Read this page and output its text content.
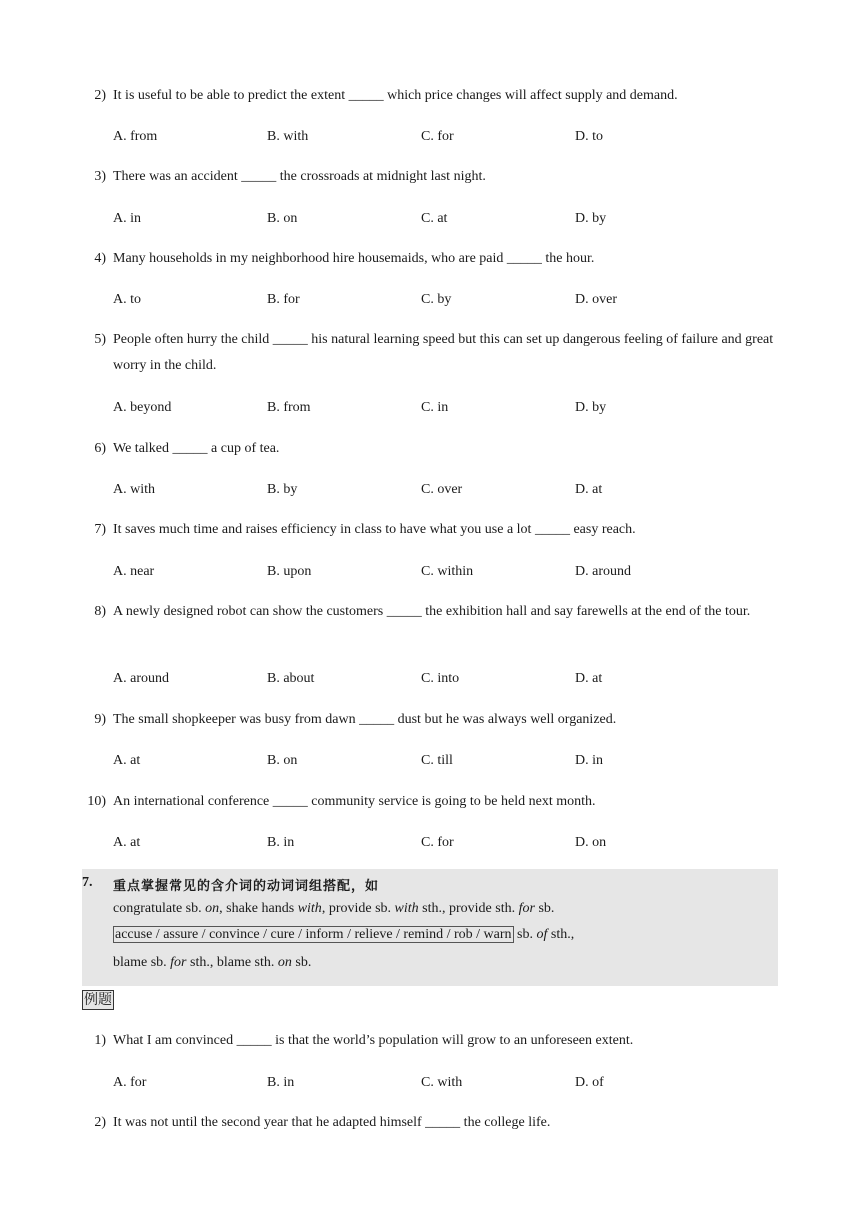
2) It is useful to be able to predict the extent _____ which price changes will affect supply and demand.
A. from	B. with	C. for	D. to
3) There was an accident _____ the crossroads at midnight last night.
A. in	B. on	C. at	D. by
4) Many households in my neighborhood hire housemaids, who are paid _____ the hour.
A. to	B. for	C. by	D. over
5) People often hurry the child _____ his natural learning speed but this can set up dangerous feeling of failure and great worry in the child.
A. beyond	B. from	C. in	D. by
6) We talked _____ a cup of tea.
A. with	B. by	C. over	D. at
7) It saves much time and raises efficiency in class to have what you use a lot _____ easy reach.
A. near	B. upon	C. within	D. around
8) A newly designed robot can show the customers _____ the exhibition hall and say farewells at the end of the tour.
A. around	B. about	C. into	D. at
9) The small shopkeeper was busy from dawn _____ dust but he was always well organized.
A. at	B. on	C. till	D. in
10) An international conference _____ community service is going to be held next month.
A. at	B. in	C. for	D. on
7. 重点掌握常见的含介词的动词词组搭配，如
congratulate sb. on, shake hands with, provide sb. with sth., provide sth. for sb.
accuse / assure / convince / cure / inform / relieve / remind / rob / warn sb. of sth.,
blame sb. for sth., blame sth. on sb.
例题
1) What I am convinced _____ is that the world’s population will grow to an unforeseen extent.
A. for	B. in	C. with	D. of
2) It was not until the second year that he adapted himself _____ the college life.
